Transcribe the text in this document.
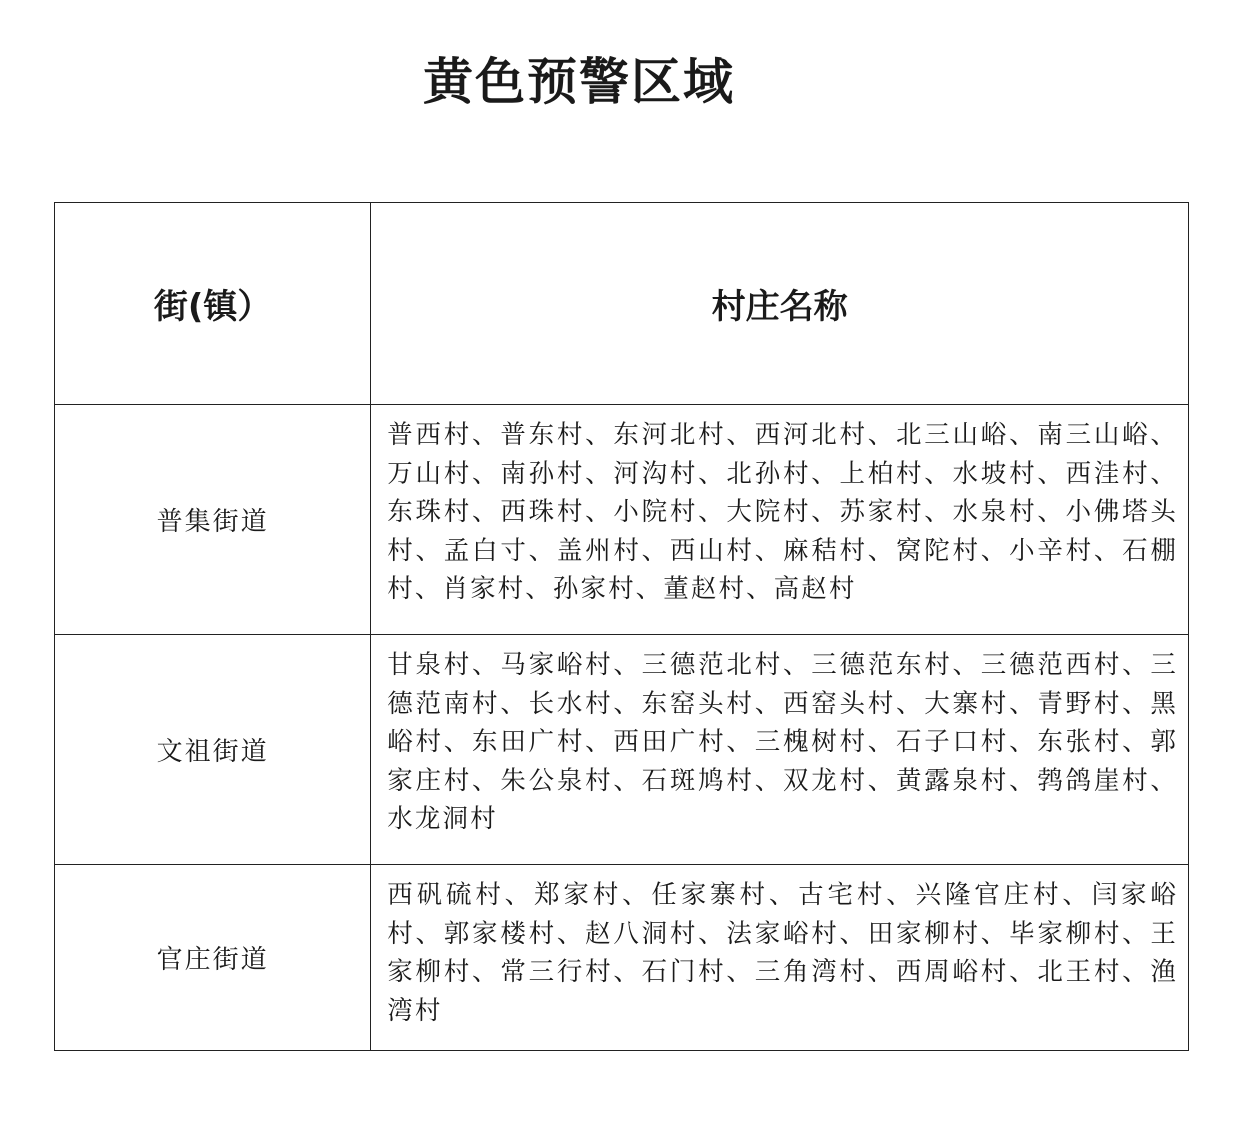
黄色预警区域
街(镇）	村庄名称
普集街道	普西村、普东村、东河北村、西河北村、北三山峪、南三山峪、万山村、南孙村、河沟村、北孙村、上柏村、水坡村、西洼村、东珠村、西珠村、小院村、大院村、苏家村、水泉村、小佛塔头村、孟白寸、盖州村、西山村、麻秸村、窝陀村、小辛村、石棚村、肖家村、孙家村、董赵村、高赵村
文祖街道	甘泉村、马家峪村、三德范北村、三德范东村、三德范西村、三德范南村、长水村、东窑头村、西窑头村、大寨村、青野村、黑峪村、东田广村、西田广村、三槐树村、石子口村、东张村、郭家庄村、朱公泉村、石斑鸠村、双龙村、黄露泉村、鹁鸽崖村、水龙洞村
官庄街道	西矾硫村、郑家村、任家寨村、古宅村、兴隆官庄村、闫家峪村、郭家楼村、赵八洞村、法家峪村、田家柳村、毕家柳村、王家柳村、常三行村、石门村、三角湾村、西周峪村、北王村、渔湾村
